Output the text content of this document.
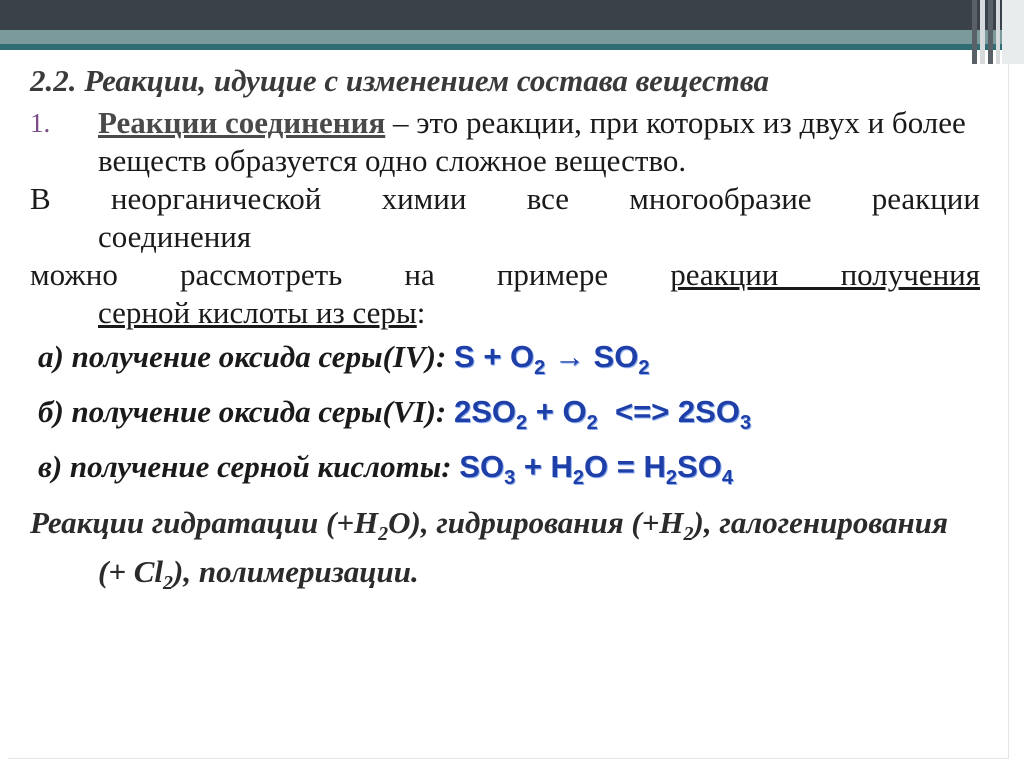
2.2. Реакции, идущие с изменением состава вещества

1.	Реакции соединения – это реакции, при которых из двух и более веществ образуется одно сложное вещество.

В неорганической химии все многообразие реакции

соединения

можно рассмотреть на примере реакции получения

серной кислоты из серы:

а) получение оксида серы(IV): $S + O_2 \to SO_2$

б) получение оксида серы(VI): $2SO_2 + O_2$  <=> $2SO_3$

в) получение серной кислоты: $SO_3 + H_2O = H_2SO_4$

Реакции гидратации $(+H_2O)$, гидрирования $(+H_2)$, галогенирования (+ $Cl_2$), полимеризации.
